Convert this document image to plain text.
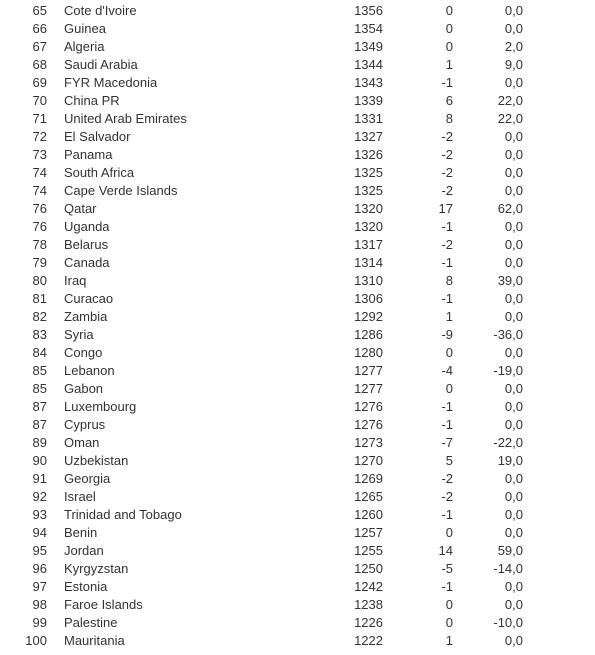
65		Cote d'Ivoire	1356	0	0,0	
66		Guinea	1354	0	0,0	
67		Algeria	1349	0	2,0	
68		Saudi Arabia	1344	1	9,0	
69		FYR Macedonia	1343	-1	0,0	
70		China PR	1339	6	22,0	
71		United Arab Emirates	1331	8	22,0	
72		El Salvador	1327	-2	0,0	
73		Panama	1326	-2	0,0	
74		South Africa	1325	-2	0,0	
74		Cape Verde Islands	1325	-2	0,0	
76		Qatar	1320	17	62,0	
76		Uganda	1320	-1	0,0	
78		Belarus	1317	-2	0,0	
79		Canada	1314	-1	0,0	
80		Iraq	1310	8	39,0	
81		Curacao	1306	-1	0,0	
82		Zambia	1292	1	0,0	
83		Syria	1286	-9	-36,0	
84		Congo	1280	0	0,0	
85		Lebanon	1277	-4	-19,0	
85		Gabon	1277	0	0,0	
87		Luxembourg	1276	-1	0,0	
87		Cyprus	1276	-1	0,0	
89		Oman	1273	-7	-22,0	
90		Uzbekistan	1270	5	19,0	
91		Georgia	1269	-2	0,0	
92		Israel	1265	-2	0,0	
93		Trinidad and Tobago	1260	-1	0,0	
94		Benin	1257	0	0,0	
95		Jordan	1255	14	59,0	
96		Kyrgyzstan	1250	-5	-14,0	
97		Estonia	1242	-1	0,0	
98		Faroe Islands	1238	0	0,0	
99		Palestine	1226	0	-10,0	
100		Mauritania	1222	1	0,0	
